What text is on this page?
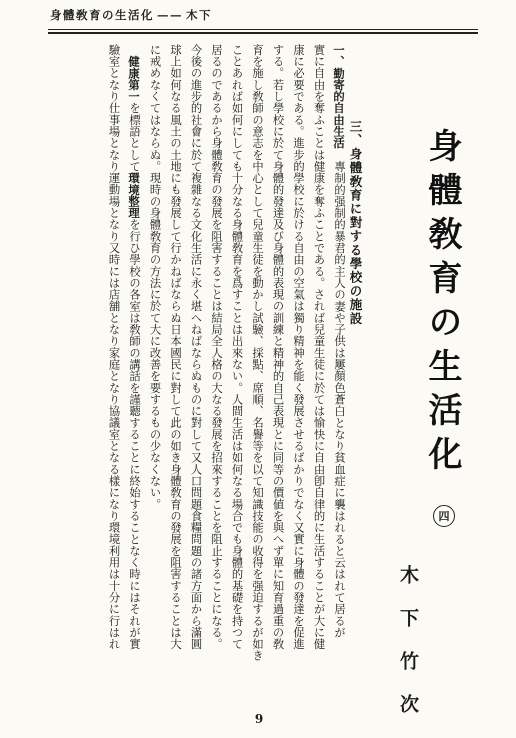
身體敎育の生活化 —— 木下
身體敎育の生活化
四
木下竹次
三、身體敎育に對する學校の施設
一、勤寄的自由生活　專制的强制的暴君的主人の妻や子供は屢顏色蒼白となり貧血症に襲はれると云はれて居るが
實に自由を奪ふことは健康を奪ふことである。されば兒童生徒に於ては愉快に自由卽自律的に生活することが大に健
康に必要である。進步的學校に於ける自由の空氣は獨り精神を能く發展させるばかりでなく又實に身體の發達を促進
する。若し學校に於て身體的發達及び身體的表現の訓練と精神的自己表現とに同等の價値を與へず單に知育過重の敎
育を施し敎師の意志を中心として兒童生徒を動かし試驗、採點、席順、名譽等を以て知識技能の收得を强迫するが如き
ことあれば如何にしても十分なる身體敎育を爲すことは出來ない。人間生活は如何なる場合でも身體的基礎を持つて
居るのであるから身體敎育の發展を阻害することは結局全人格の大なる發展を招來することを阻止することになる。
今後の進步的社會に於て複雜なる文化生活に永く堪へねばならぬものに對して又人口問題食糧問題の諸方面から滿圓
球上如何なる風土の土地にも發展して行かねばならぬ日本國民に對して此の如き身體敎育の發展を阻害することは大
に戒めなくてはならぬ。現時の身體敎育の方法に於て大に改善を要するもの少なくない。
　健康第一を標語として環境整理を行ひ學校の各室は敎師の講話を謹聽することに終始することなく時にはそれが實
驗室となり仕事場となり運動場となり又時には店舖となり家庭となり協議室となる樣になり環境利用は十分に行はれ
9
